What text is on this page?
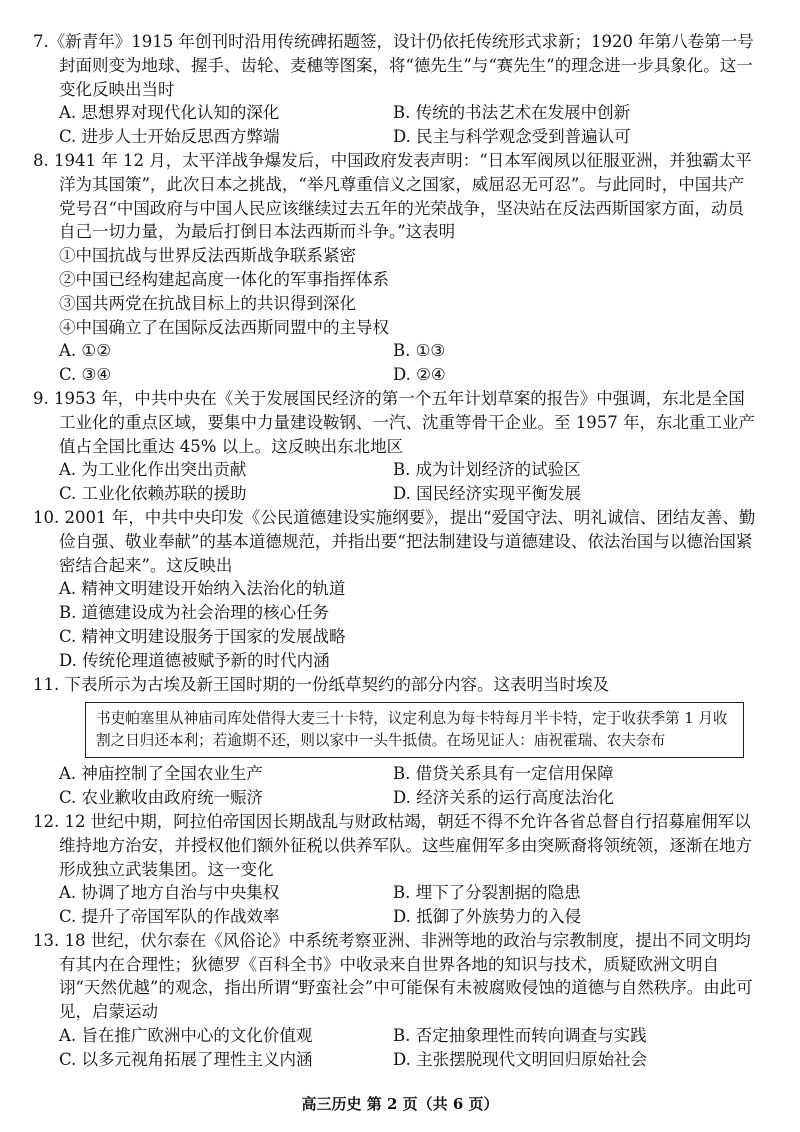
7.《新青年》1915 年创刊时沿用传统碑拓题签，设计仍依托传统形式求新；1920 年第八卷第一号封面则变为地球、握手、齿轮、麦穗等图案，将“德先生”与“赛先生”的理念进一步具象化。这一变化反映出当时
A. 思想界对现代化认知的深化	B. 传统的书法艺术在发展中创新
C. 进步人士开始反思西方弊端	D. 民主与科学观念受到普遍认可
8. 1941 年 12 月，太平洋战争爆发后，中国政府发表声明：“日本军阀夙以征服亚洲，并独霸太平洋为其国策”，此次日本之挑战，“举凡尊重信义之国家，威屈忍无可忍”。与此同时，中国共产党号召“中国政府与中国人民应该继续过去五年的光荣战争，坚决站在反法西斯国家方面，动员自己一切力量，为最后打倒日本法西斯而斗争。”这表明
①中国抗战与世界反法西斯战争联系紧密
②中国已经构建起高度一体化的军事指挥体系
③国共两党在抗战目标上的共识得到深化
④中国确立了在国际反法西斯同盟中的主导权
A. ①②	B. ①③
C. ③④	D. ②④
9. 1953 年，中共中央在《关于发展国民经济的第一个五年计划草案的报告》中强调，东北是全国工业化的重点区域，要集中力量建设鞍钢、一汽、沈重等骨干企业。至 1957 年，东北重工业产值占全国比重达 45% 以上。这反映出东北地区
A. 为工业化作出突出贡献	B. 成为计划经济的试验区
C. 工业化依赖苏联的援助	D. 国民经济实现平衡发展
10. 2001 年，中共中央印发《公民道德建设实施纲要》，提出“爱国守法、明礼诚信、团结友善、勤俭自强、敬业奉献”的基本道德规范，并指出要“把法制建设与道德建设、依法治国与以德治国紧密结合起来”。这反映出
A. 精神文明建设开始纳入法治化的轨道
B. 道德建设成为社会治理的核心任务
C. 精神文明建设服务于国家的发展战略
D. 传统伦理道德被赋予新的时代内涵
11. 下表所示为古埃及新王国时期的一份纸草契约的部分内容。这表明当时埃及
书吏帕塞里从神庙司库处借得大麦三十卡特，议定利息为每卡特每月半卡特，定于收获季第 1 月收割之日归还本利；若逾期不还，则以家中一头牛抵债。在场见证人：庙祝霍瑞、农夫奈布
A. 神庙控制了全国农业生产	B. 借贷关系具有一定信用保障
C. 农业歉收由政府统一赈济	D. 经济关系的运行高度法治化
12. 12 世纪中期，阿拉伯帝国因长期战乱与财政枯竭，朝廷不得不允许各省总督自行招募雇佣军以维持地方治安，并授权他们额外征税以供养军队。这些雇佣军多由突厥裔将领统领，逐渐在地方形成独立武装集团。这一变化
A. 协调了地方自治与中央集权	B. 埋下了分裂割据的隐患
C. 提升了帝国军队的作战效率	D. 抵御了外族势力的入侵
13. 18 世纪，伏尔泰在《风俗论》中系统考察亚洲、非洲等地的政治与宗教制度，提出不同文明均有其内在合理性；狄德罗《百科全书》中收录来自世界各地的知识与技术，质疑欧洲文明自诩“天然优越”的观念，指出所谓“野蛮社会”中可能保有未被腐败侵蚀的道德与自然秩序。由此可见，启蒙运动
A. 旨在推广欧洲中心的文化价值观	B. 否定抽象理性而转向调查与实践
C. 以多元视角拓展了理性主义内涵	D. 主张摆脱现代文明回归原始社会
高三历史 第 2 页（共 6 页）
